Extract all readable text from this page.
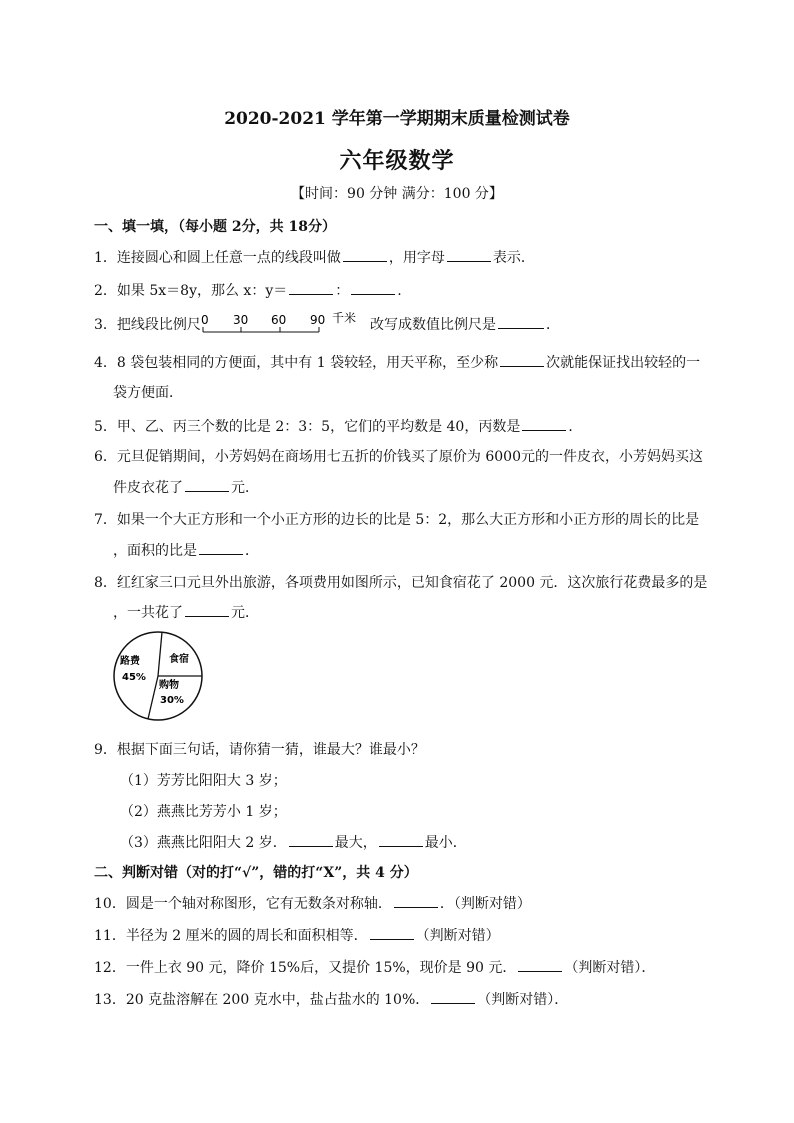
2020-2021 学年第一学期期末质量检测试卷
六年级数学
【时间：90 分钟 满分：100 分】
一、填一填，（每小题 2分，共 18分）
1．连接圆心和圆上任意一点的线段叫做	，用字母	表示．
2．如果 5x＝8y，那么 x：y＝	：	.
3．把线段比例尺 0 30 60 90 千米 改写成数值比例尺是	．
4．8 袋包装相同的方便面，其中有 1 袋较轻，用天平称，至少称	次就能保证找出较轻的一
袋方便面．
5．甲、乙、丙三个数的比是 2：3：5，它们的平均数是 40，丙数是	．
6．元旦促销期间，小芳妈妈在商场用七五折的价钱买了原价为 6000元的一件皮衣，小芳妈妈买这
件皮衣花了	元．
7．如果一个大正方形和一个小正方形的边长的比是 5：2，那么大正方形和小正方形的周长的比是
，面积的比是	．
8．红红家三口元旦外出旅游，各项费用如图所示，已知食宿花了 2000 元．这次旅行花费最多的是
，一共花了	元．
路费
45%
食宿
购物
30%
9．根据下面三句话，请你猜一猜，谁最大？谁最小？
（1）芳芳比阳阳大 3 岁；
（2）燕燕比芳芳小 1 岁；
（3）燕燕比阳阳大 2 岁．	最大，	最小．
二、判断对错（对的打“√”，错的打“X”，共 4 分）
10．圆是一个轴对称图形，它有无数条对称轴．	．（判断对错）
11．半径为 2 厘米的圆的周长和面积相等．	（判断对错）
12．一件上衣 90 元，降价 15%后，又提价 15%，现价是 90 元．	（判断对错）．
13．20 克盐溶解在 200 克水中，盐占盐水的 10%．	（判断对错）．
